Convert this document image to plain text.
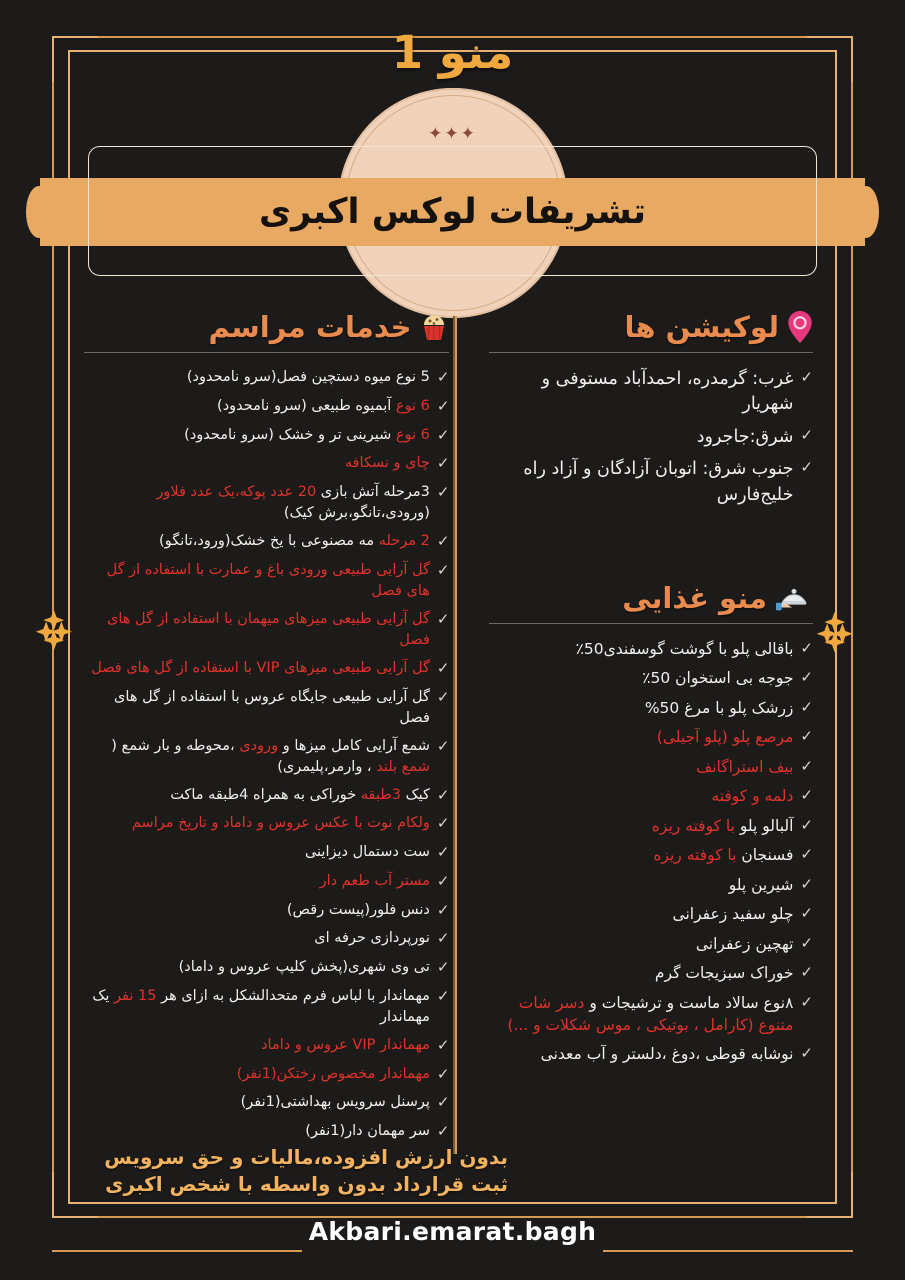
✦✦✦
منو 1
تشریفات لوکس اکبری
لوکیشن ها
✓
غرب: گرمدره، احمدآباد مستوفی و شهریار
✓
شرق:جاجرود
✓
جنوب شرق: اتوبان آزادگان و آزاد راه خلیج‌فارس
منو غذایی
✓
باقالی پلو با گوشت گوسفندی50٪
✓
جوجه بی استخوان 50٪
✓
زرشک پلو با مرغ 50%
✓
مرصع پلو (پلو آجیلی)
✓
بیف استراگانف
✓
دلمه و کوفته
✓
آلبالو پلو با کوفته ریزه
✓
فسنجان با کوفته ریزه
✓
شیرین پلو
✓
چلو سفید زعفرانی
✓
تهچین زعفرانی
✓
خوراک سبزیجات گرم
✓
۸نوع سالاد ماست و ترشیجات و دسر شات متنوع (کارامل ، بوتیکی ، موس شکلات و ...)
✓
نوشابه قوطی ،دوغ ،دلستر و آب معدنی
خدمات مراسم
✓
5 نوع میوه دستچین فصل(سرو نامحدود)
✓
6 نوع آبمیوه طبیعی (سرو نامحدود)
✓
6 نوع شیرینی تر و خشک (سرو نامحدود)
✓
چای و نسکافه
✓
3مرحله آتش بازی 20 عدد پوکه،یک عدد فلاور (ورودی،تانگو،برش کیک)
✓
2 مرحله مه مصنوعی با یخ خشک(ورود،تانگو)
✓
گل آرایی طبیعی ورودی باغ و عمارت با استفاده از گل های فصل
✓
گل آرایی طبیعی میزهای میهمان با استفاده از گل های فصل
✓
گل آرایی طبیعی میزهای VIP با استفاده از گل های فصل
✓
گل آرایی طبیعی جایگاه عروس با استفاده از گل های فصل
✓
شمع آرایی کامل میزها و ورودی ،محوطه و بار شمع ( شمع بلند ، وارمر،پلیمری)
✓
کیک 3طبقه خوراکی به همراه 4طبقه ماکت
✓
ولکام نوت با عکس عروس و داماد و تاریخ مراسم
✓
ست دستمال دیزاینی
✓
مستر آب طعم دار
✓
دنس فلور(پیست رقص)
✓
نورپردازی حرفه ای
✓
تی وی شهری(پخش کلیپ عروس و داماد)
✓
مهماندار با لباس فرم متحدالشکل به ازای هر 15 نفر یک مهماندار
✓
مهماندار VIP عروس و داماد
✓
مهماندار مخصوص رختکن(1نفر)
✓
پرسنل سرویس بهداشتی(1نفر)
✓
سر مهمان دار(1نفر)
بدون ارزش افزوده،مالیات و حق سرویس
ثبت قرارداد بدون واسطه با شخص اکبری
Akbari.emarat.bagh
